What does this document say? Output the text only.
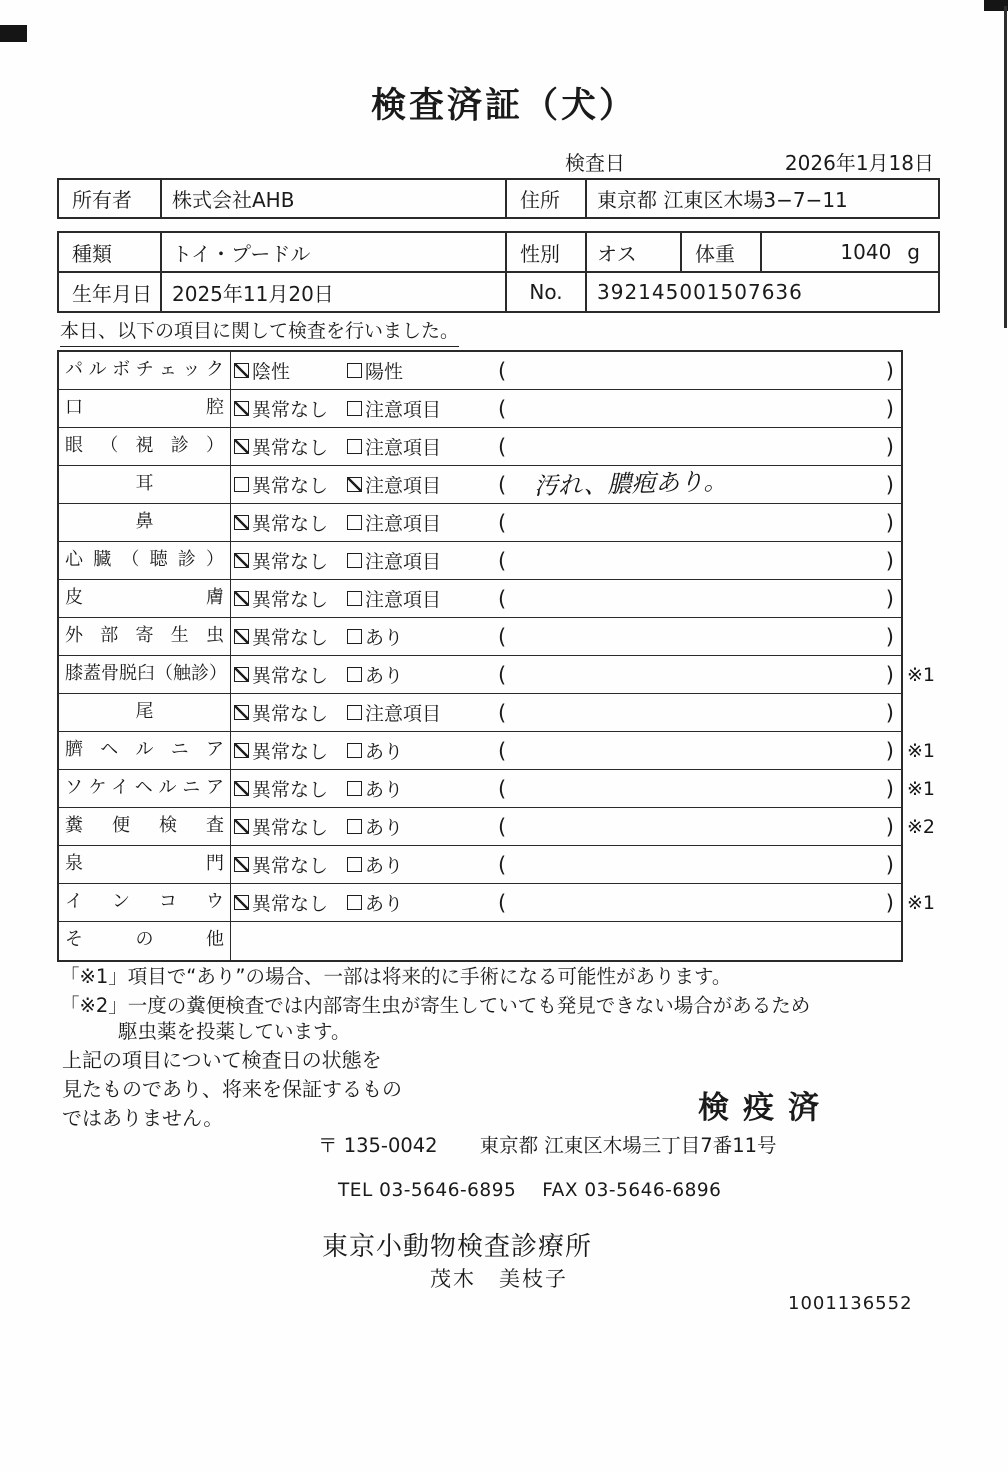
検査済証（犬）
検査日	2026年1月18日
所有者	株式会社AHB	住所	東京都 江東区木場3−7−11
種類	トイ・プードル	性別	オス	体重	1040 g
生年月日	2025年11月20日	No.	392145001507636
本日、以下の項目に関して検査を行いました。
パルボチェック	陰性	陽性	(	)
口腔	異常なし 注意項目	(	)
眼（視診）	異常なし 注意項目	(	)
耳	異常なし 注意項目	(	汚れ、膿疱あり。	)
鼻	異常なし 注意項目	(	)
心臓（聴診）	異常なし 注意項目	(	)
皮膚	異常なし 注意項目	(	)
外部寄生虫	異常なし あり	(	)
膝蓋骨脱臼（触診） 異常なし あり	(	) ※1
尾	異常なし 注意項目	(	)
臍ヘルニア	異常なし あり	(	) ※1
ソケイヘルニア	異常なし あり	(	) ※1
糞便検査	異常なし あり	(	) ※2
泉門	異常なし あり	(	)
インコウ	異常なし あり	(	) ※1
その他
「※1」項目で“あり”の場合、一部は将来的に手術になる可能性があります。
「※2」一度の糞便検査では内部寄生虫が寄生していても発見できない場合があるため
駆虫薬を投薬しています。
上記の項目について検査日の状態を
見たものであり、将来を保証するもの
ではありません。	検疫済
〒 135-0042 東京都 江東区木場三丁目7番11号
TEL 03-5646-6895 FAX 03-5646-6896
東京小動物検査診療所
茂木　美枝子
1001136552
